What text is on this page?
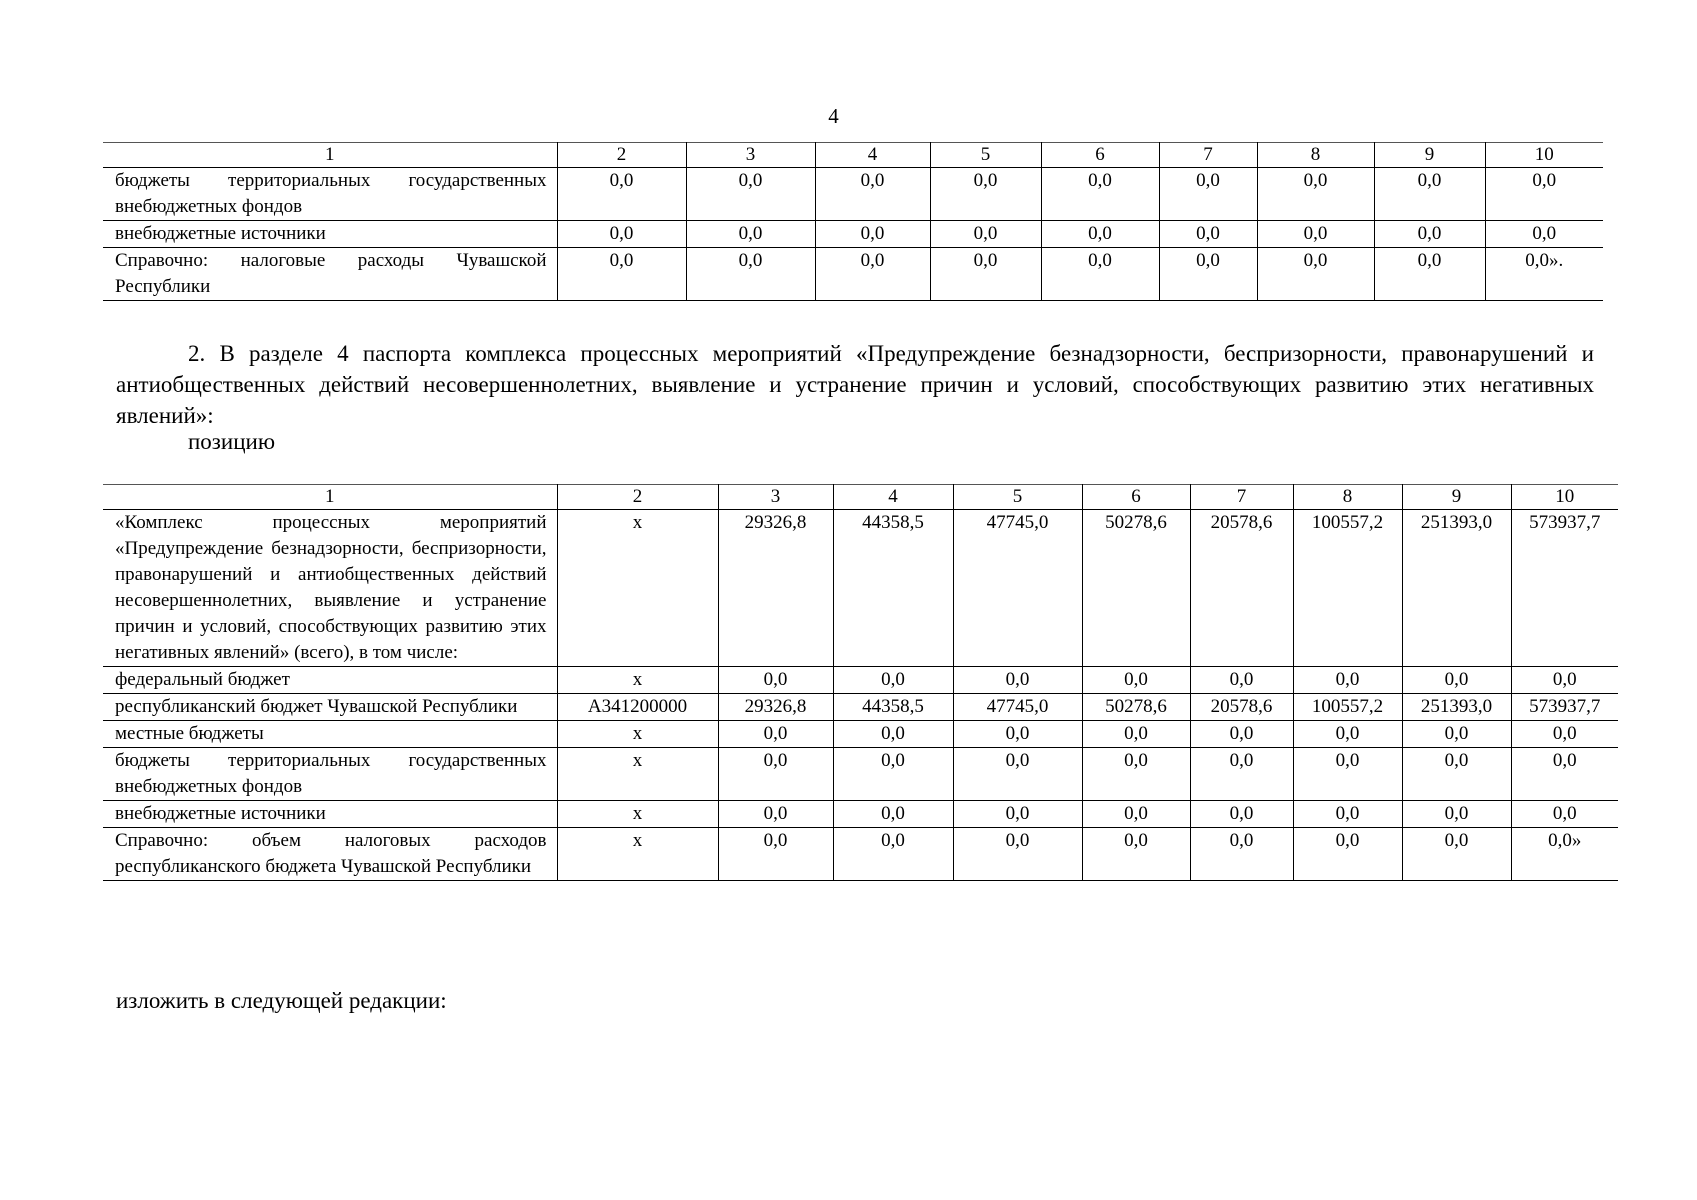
4
1	2	3	4	5	6	7	8	9	10
бюджеты территориальных государственных внебюджетных фондов	0,0	0,0	0,0	0,0	0,0	0,0	0,0	0,0	0,0
внебюджетные источники	0,0	0,0	0,0	0,0	0,0	0,0	0,0	0,0	0,0
Справочно: налоговые расходы Чувашской Республики	0,0	0,0	0,0	0,0	0,0	0,0	0,0	0,0	0,0».
2. В разделе 4 паспорта комплекса процессных мероприятий «Предупреждение безнадзорности, беспризорности, правонарушений и антиобщественных действий несовершеннолетних, выявление и устранение причин и условий, способствующих развитию этих негативных явлений»:
позицию
1	2	3	4	5	6	7	8	9	10
«Комплекс процессных мероприятий «Предупреждение безнадзорности, беспризорности, правонарушений и антиобщественных действий несовершеннолетних, выявление и устранение причин и условий, способствующих развитию этих негативных явлений» (всего), в том числе:	х	29326,8	44358,5	47745,0	50278,6	20578,6	100557,2	251393,0	573937,7
федеральный бюджет	х	0,0	0,0	0,0	0,0	0,0	0,0	0,0	0,0
республиканский бюджет Чувашской Республики	А341200000	29326,8	44358,5	47745,0	50278,6	20578,6	100557,2	251393,0	573937,7
местные бюджеты	х	0,0	0,0	0,0	0,0	0,0	0,0	0,0	0,0
бюджеты территориальных государственных внебюджетных фондов	х	0,0	0,0	0,0	0,0	0,0	0,0	0,0	0,0
внебюджетные источники	х	0,0	0,0	0,0	0,0	0,0	0,0	0,0	0,0
Справочно: объем налоговых расходов республиканского бюджета Чувашской Республики	х	0,0	0,0	0,0	0,0	0,0	0,0	0,0	0,0»
изложить в следующей редакции:
